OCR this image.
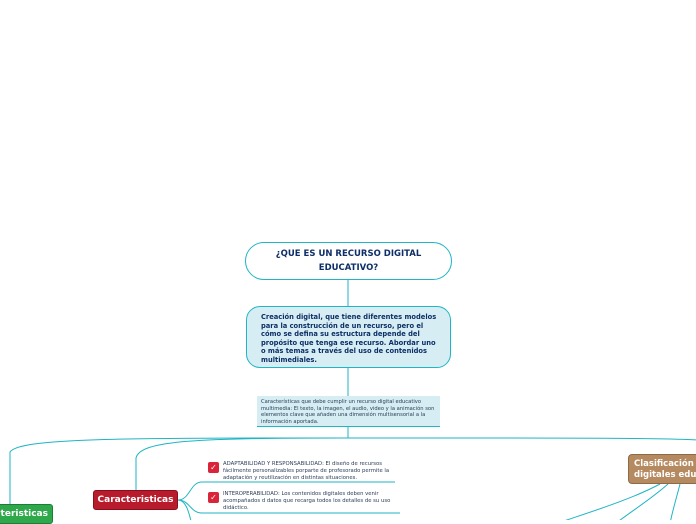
¿QUE ES UN RECURSO DIGITAL EDUCATIVO?
Creación digital, que tiene diferentes modelos para la construcción de un recurso, pero el cómo se defina su estructura depende del propósito que tenga ese recurso. Abordar uno o más temas a través del uso de contenidos multimediales.
Características que debe cumplir un recurso digital educativo multimedia: El texto, la imagen, el audio, video y la animación son elementos clave que añaden una dimensión multisensorial a la información aportada.
teristicas
Caracteristicas
Clasificación
digitales edu
✓	ADAPTABILIDAD Y RESPONSABILIDAD: El diseño de recursos fácilmente personalizables porparte de profesorado permite la adaptación y reutilización en distintas situaciones.
✓	INTEROPERABILIDAD: Los contenidos digitales deben venir acompañados d datos que recarga todos los detalles de su uso didáctico.
